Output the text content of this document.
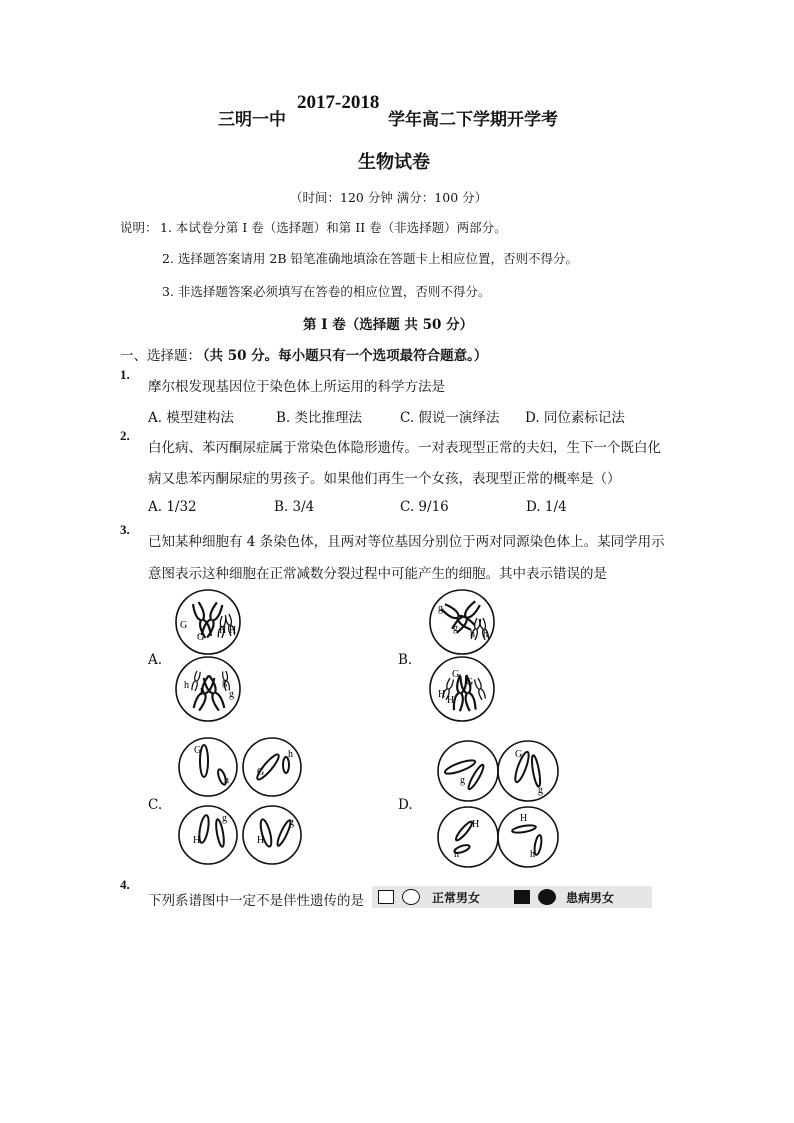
三明一中
2017-2018
学年高二下学期开学考
生物试卷
（时间：120 分钟 满分：100 分）
说明： 1. 本试卷分第 I 卷（选择题）和第 II 卷（非选择题）两部分。
2. 选择题答案请用 2B 铅笔准确地填涂在答题卡上相应位置，否则不得分。
3. 非选择题答案必须填写在答卷的相应位置，否则不得分。
第 I 卷（选择题 共 50 分）
一、选择题：
（共 50 分。每小题只有一个选项最符合题意。）
1.
摩尔根发现基因位于染色体上所运用的科学方法是
A. 模型建构法	B. 类比推理法	C. 假说一演绎法 D. 同位素标记法
2.
白化病、苯丙酮尿症属于常染色体隐形遗传。一对表现型正常的夫妇，生下一个既白化
病又患苯丙酮尿症的男孩子。如果他们再生一个女孩，表现型正常的概率是（）
A. 1/32	B. 3/4	C. 9/16	D. 1/4
3.
已知某种细胞有 4 条染色体，且两对等位基因分别位于两对同源染色体上。某同学用示
意图表示这种细胞在正常减数分裂过程中可能产生的细胞。其中表示错误的是
A.	B.
C.	D.
G
G
H H
h
h
g
g
g
g
h h
G
G
H
H
G
h
G
h
H
g
H
g
g
G
g
H
h
H
h
4.
下列系谱图中一定不是伴性遗传的是	正常男女	患病男女
